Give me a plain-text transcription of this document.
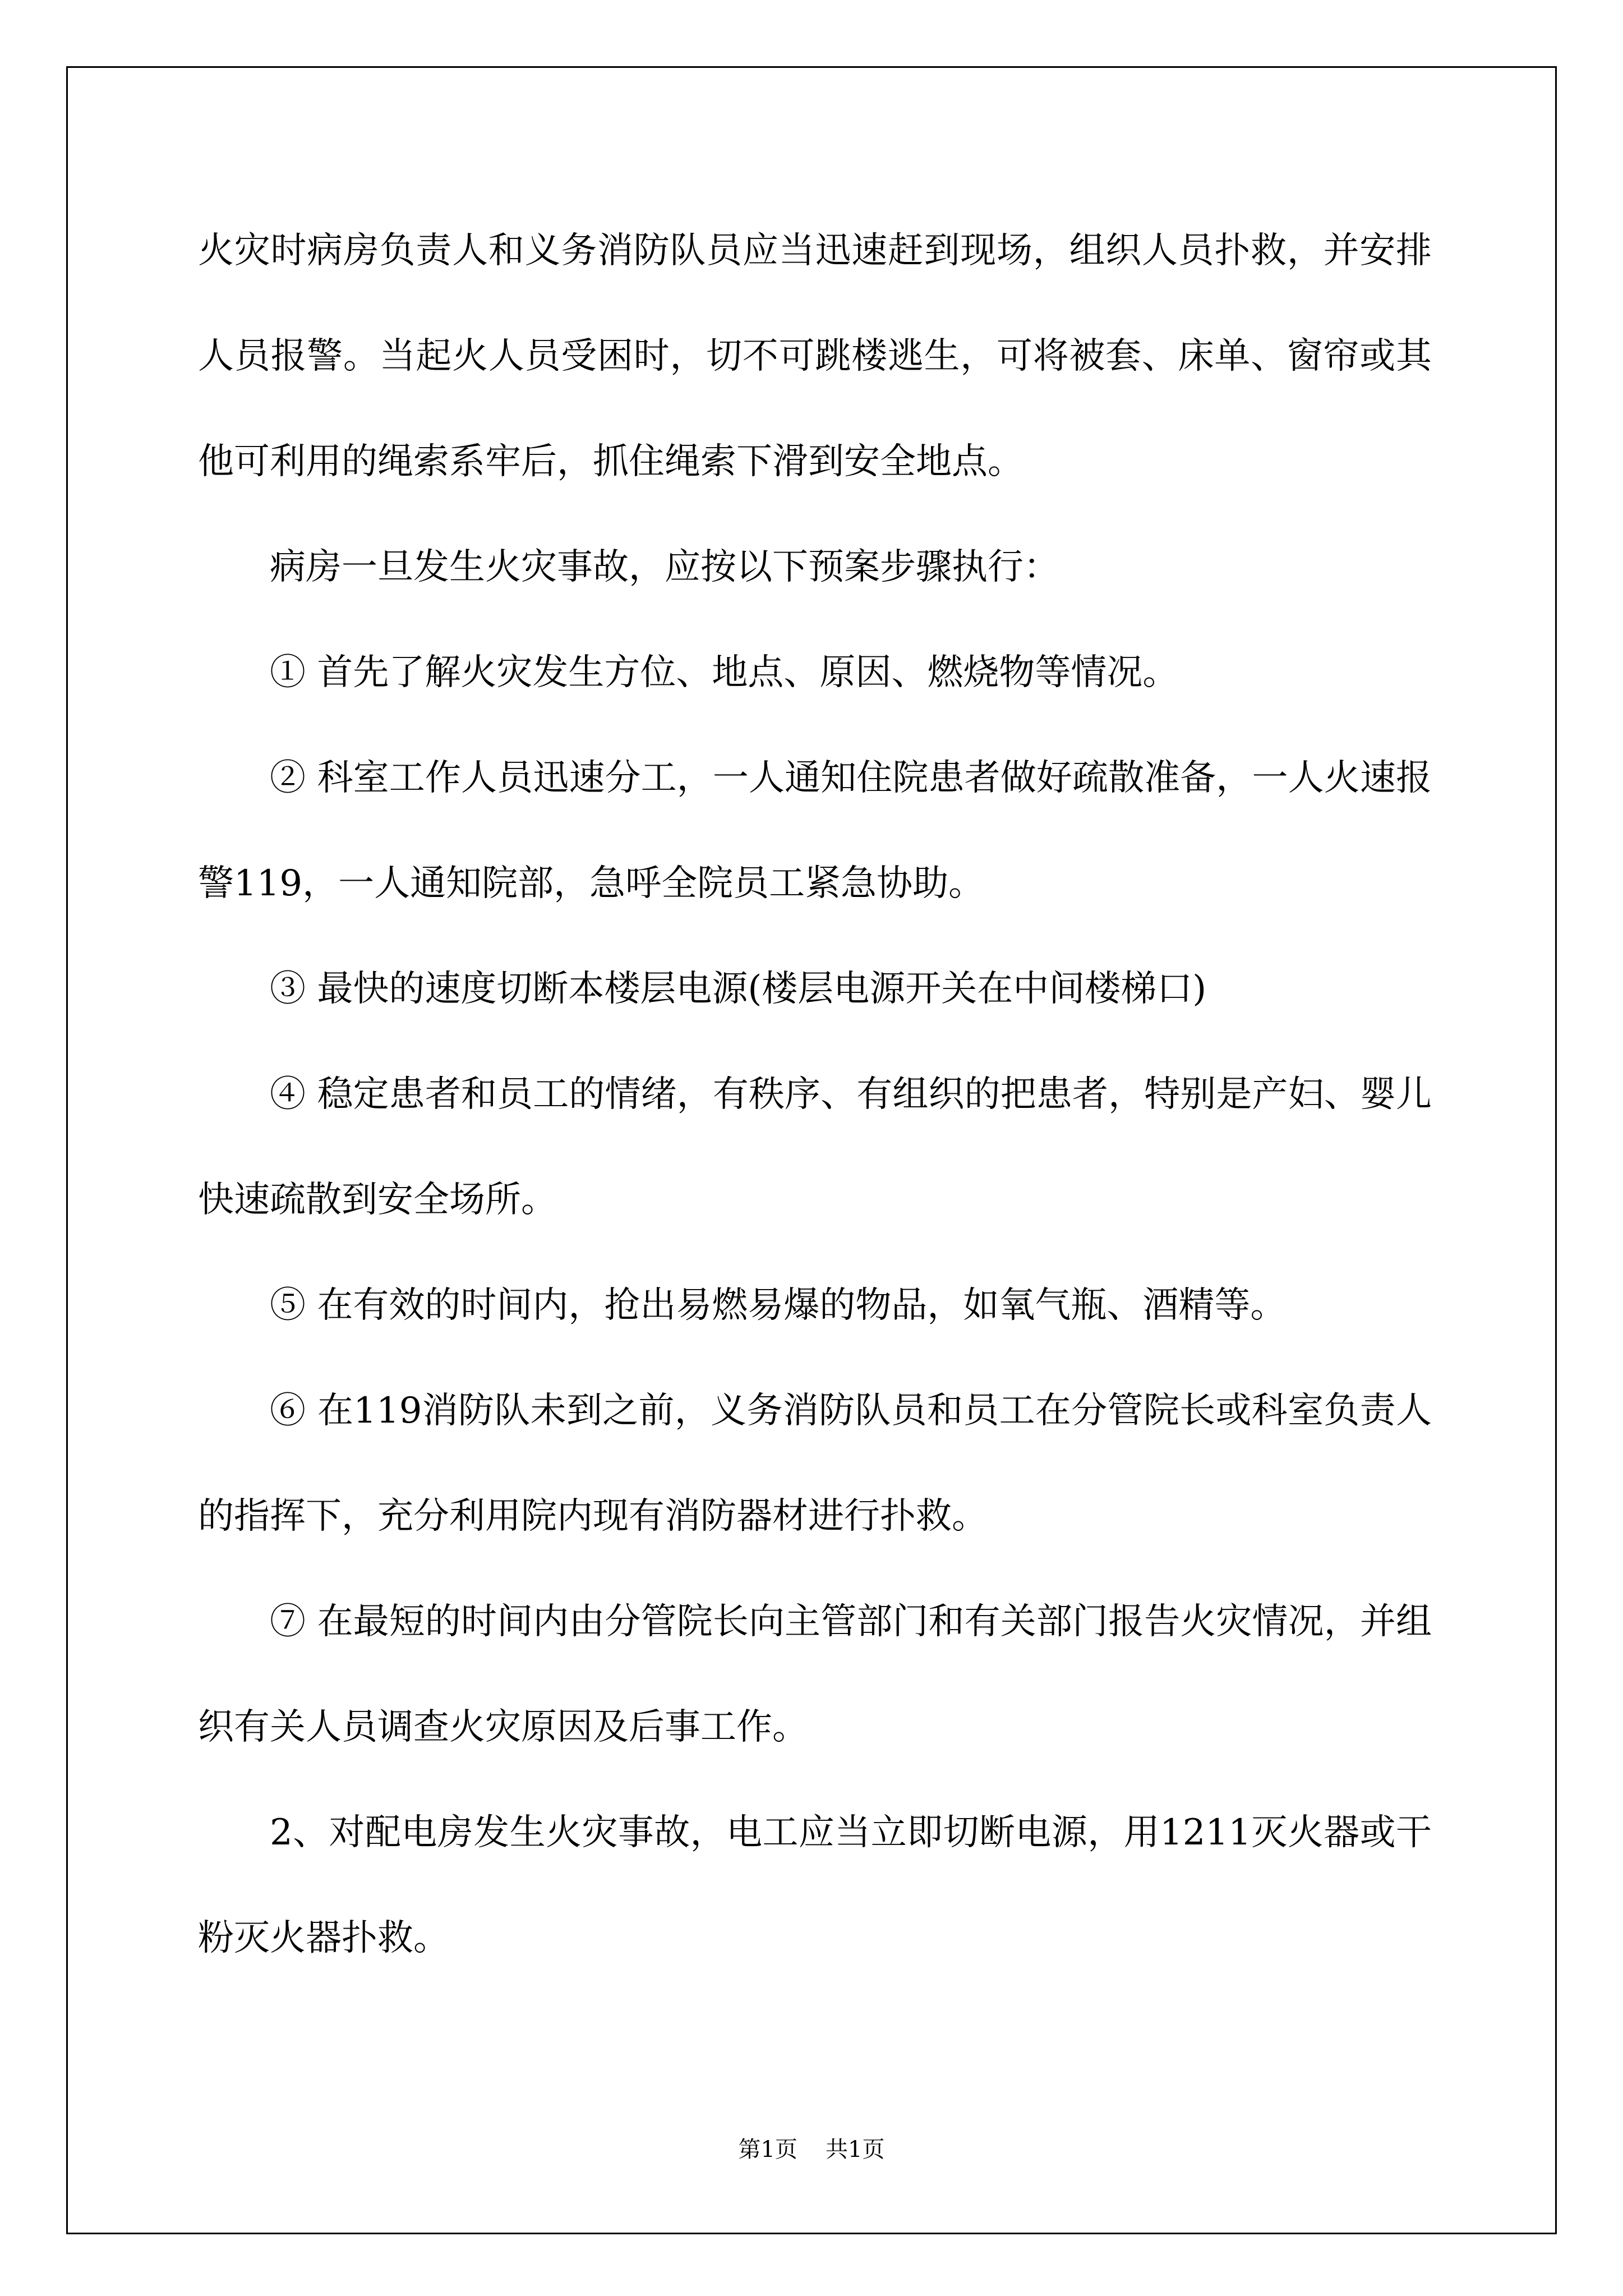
火灾时病房负责人和义务消防队员应当迅速赶到现场，组织人员扑救，并安排人员报警。当起火人员受困时，切不可跳楼逃生，可将被套、床单、窗帘或其他可利用的绳索系牢后，抓住绳索下滑到安全地点。

病房一旦发生火灾事故，应按以下预案步骤执行：

① 首先了解火灾发生方位、地点、原因、燃烧物等情况。

② 科室工作人员迅速分工，一人通知住院患者做好疏散准备，一人火速报警119，一人通知院部，急呼全院员工紧急协助。

③ 最快的速度切断本楼层电源(楼层电源开关在中间楼梯口)

④ 稳定患者和员工的情绪，有秩序、有组织的把患者，特别是产妇、婴儿快速疏散到安全场所。

⑤ 在有效的时间内，抢出易燃易爆的物品，如氧气瓶、酒精等。

⑥ 在119消防队未到之前，义务消防队员和员工在分管院长或科室负责人的指挥下，充分利用院内现有消防器材进行扑救。

⑦ 在最短的时间内由分管院长向主管部门和有关部门报告火灾情况，并组织有关人员调查火灾原因及后事工作。

2、对配电房发生火灾事故，电工应当立即切断电源，用1211灭火器或干粉灭火器扑救。

第1页 共1页
